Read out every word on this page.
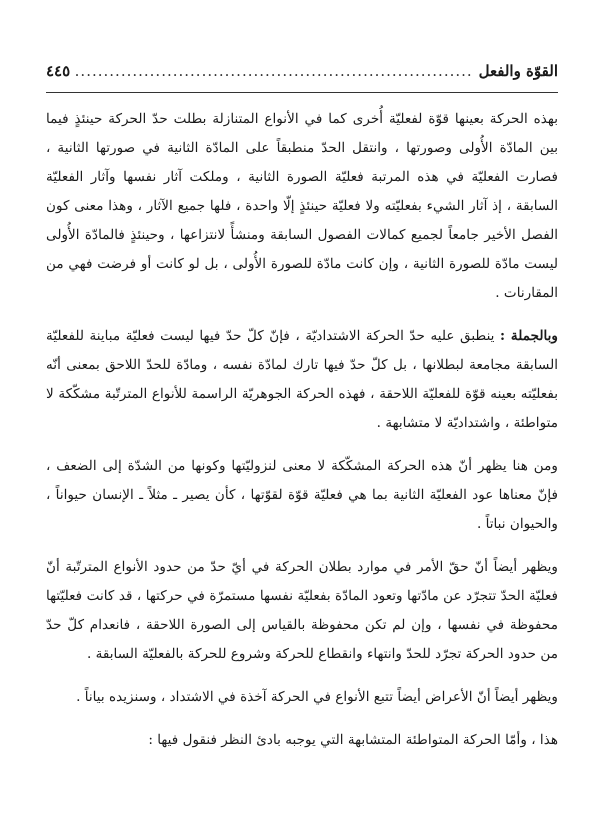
القوّة والفعل
.....
٤٤٥

بهذه الحركة بعينها قوّة لفعليّة أُخرى كما في الأنواع المتنازلة بطلت حدّ الحركة حينئذٍ فيما بين المادّة الأُولى وصورتها ، وانتقل الحدّ منطبقاً على المادّة الثانية في صورتها الثانية ، فصارت الفعليّة في هذه المرتبة فعليّة الصورة الثانية ، وملكت آثار نفسها وآثار الفعليّة السابقة ، إذ آثار الشيء بفعليّته ولا فعليّة حينئذٍ إلّا واحدة ، فلها جميع الآثار ، وهذا معنى كون الفصل الأخير جامعاً لجميع كمالات الفصول السابقة ومنشأً لانتزاعها ، وحينئذٍ فالمادّة الأُولى ليست مادّة للصورة الثانية ، وإن كانت مادّة للصورة الأُولى ، بل لو كانت أو فرضت فهي من المقارنات .

وبالجملة : ينطبق عليه حدّ الحركة الاشتداديّة ، فإنّ كلّ حدّ فيها ليست فعليّة مباينة للفعليّة السابقة مجامعة لبطلانها ، بل كلّ حدّ فيها تارك لمادّة نفسه ، ومادّة للحدّ اللاحق بمعنى أنّه بفعليّته بعينه قوّة للفعليّة اللاحقة ، فهذه الحركة الجوهريّة الراسمة للأنواع المترتّبة مشكّكة لا متواطئة ، واشتداديّة لا متشابهة .

ومن هنا يظهر أنّ هذه الحركة المشكّكة لا معنى لنزوليّتها وكونها من الشدّة إلى الضعف ، فإنّ معناها عود الفعليّة الثانية بما هي فعليّة قوّة لقوّتها ، كأن يصير ـ مثلاً ـ الإنسان حيواناً ، والحيوان نباتاً .

ويظهر أيضاً أنّ حقّ الأمر في موارد بطلان الحركة في أيّ حدّ من حدود الأنواع المترتّبة أنّ فعليّة الحدّ تتجرّد عن مادّتها وتعود المادّة بفعليّة نفسها مستمرّة في حركتها ، قد كانت فعليّتها محفوظة في نفسها ، وإن لم تكن محفوظة بالقياس إلى الصورة اللاحقة ، فانعدام كلّ حدّ من حدود الحركة تجرّد للحدّ وانتهاء وانقطاع للحركة وشروع للحركة بالفعليّة السابقة .

ويظهر أيضاً أنّ الأعراض أيضاً تتبع الأنواع في الحركة آخذة في الاشتداد ، وسنزيده بياناً .

هذا ، وأمّا الحركة المتواطئة المتشابهة التي يوجبه بادئ النظر فنقول فيها :
